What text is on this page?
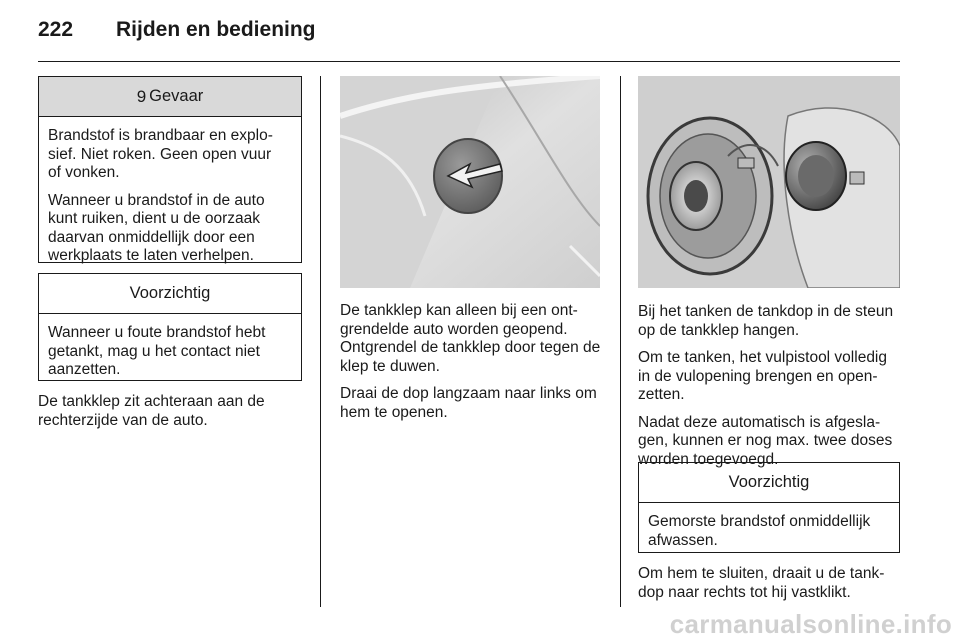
222 Rijden en bediening
9 Gevaar

Brandstof is brandbaar en explo-
sief. Niet roken. Geen open vuur
of vonken.

Wanneer u brandstof in de auto
kunt ruiken, dient u de oorzaak
daarvan onmiddellijk door een
werkplaats te laten verhelpen.

Voorzichtig

Wanneer u foute brandstof hebt
getankt, mag u het contact niet
aanzetten.

De tankklep zit achteraan aan de
rechterzijde van de auto.

De tankklep kan alleen bij een ont-
grendelde auto worden geopend.
Ontgrendel de tankklep door tegen de
klep te duwen.

Draai de dop langzaam naar links om
hem te openen.

Bij het tanken de tankdop in de steun
op de tankklep hangen.

Om te tanken, het vulpistool volledig
in de vulopening brengen en open-
zetten.

Nadat deze automatisch is afgesla-
gen, kunnen er nog max. twee doses
worden toegevoegd.

Voorzichtig

Gemorste brandstof onmiddellijk
afwassen.

Om hem te sluiten, draait u de tank-
dop naar rechts tot hij vastklikt.

carmanualsonline.info
